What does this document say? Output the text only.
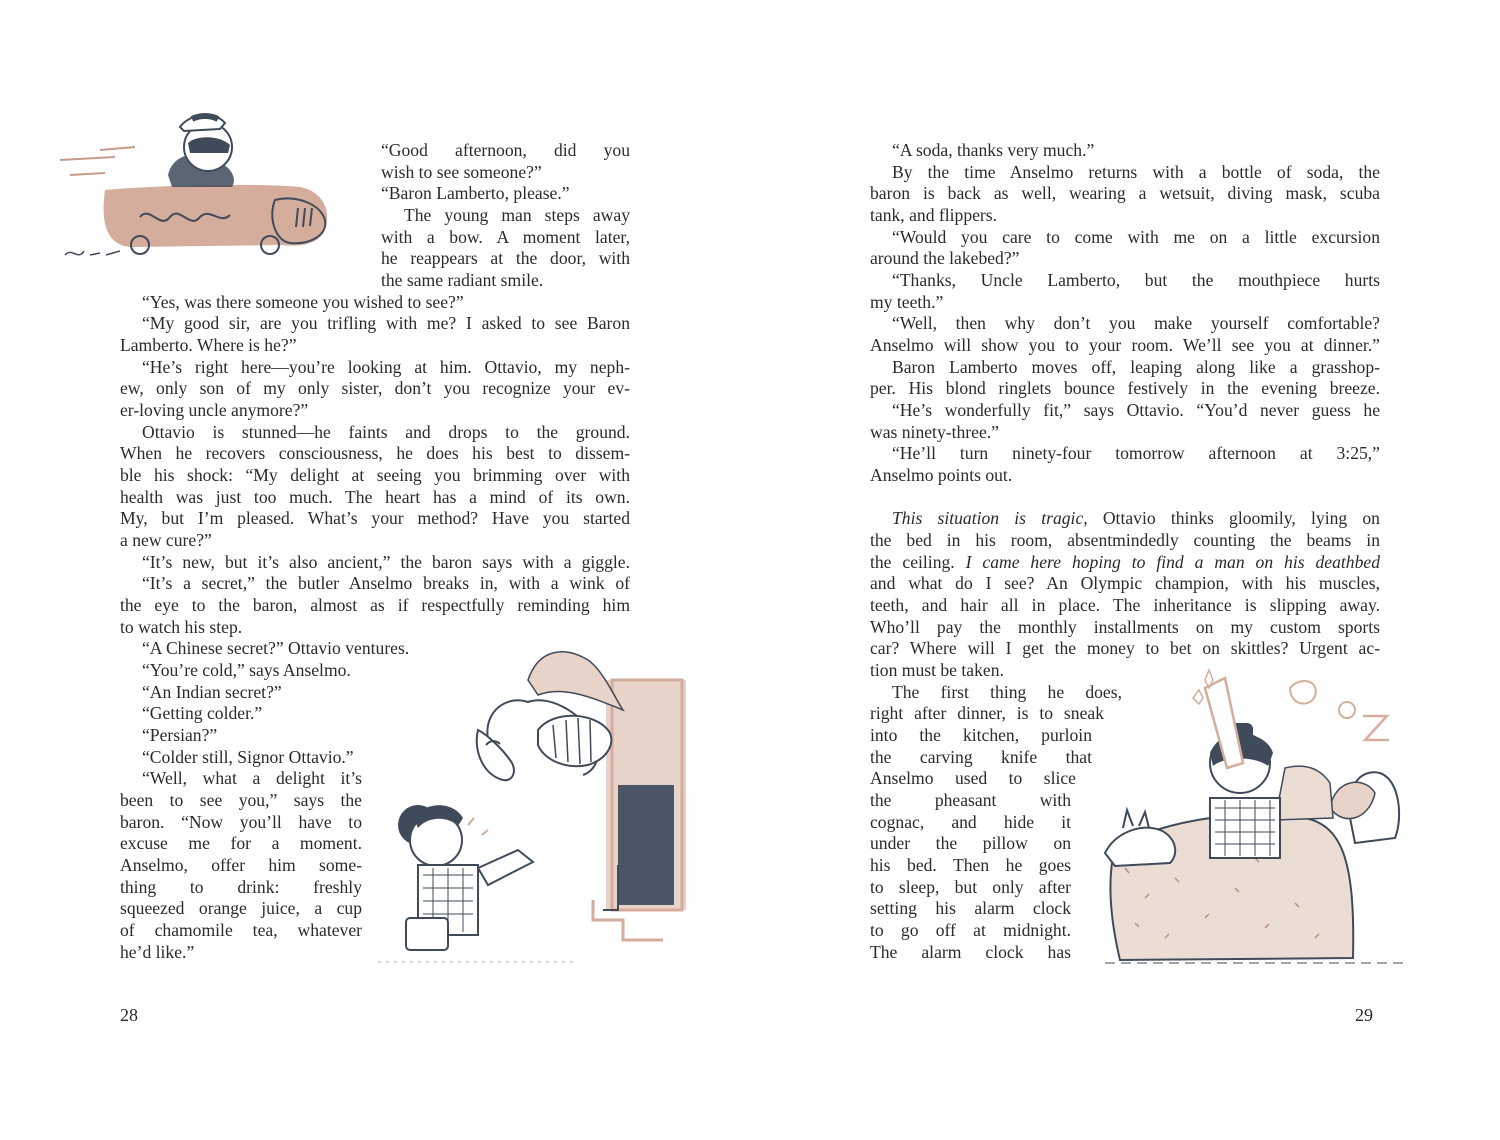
“Good afternoon, did you
wish to see someone?”
“Baron Lamberto, please.”
The young man steps away
with a bow. A moment later,
he reappears at the door, with
the same radiant smile.
“Yes, was there someone you wished to see?”
“My good sir, are you trifling with me? I asked to see Baron
Lamberto. Where is he?”
“He’s right here—you’re looking at him. Ottavio, my neph-
ew, only son of my only sister, don’t you recognize your ev-
er-loving uncle anymore?”
Ottavio is stunned—he faints and drops to the ground.
When he recovers consciousness, he does his best to dissem-
ble his shock: “My delight at seeing you brimming over with
health was just too much. The heart has a mind of its own.
My, but I’m pleased. What’s your method? Have you started
a new cure?”
“It’s new, but it’s also ancient,” the baron says with a giggle.
“It’s a secret,” the butler Anselmo breaks in, with a wink of
the eye to the baron, almost as if respectfully reminding him
to watch his step.
“A Chinese secret?” Ottavio ventures.
“You’re cold,” says Anselmo.
“An Indian secret?”
“Getting colder.”
“Persian?”
“Colder still, Signor Ottavio.”
“Well, what a delight it’s
been to see you,” says the
baron. “Now you’ll have to
excuse me for a moment.
Anselmo, offer him some-
thing to drink: freshly
squeezed orange juice, a cup
of chamomile tea, whatever
he’d like.”
28
“A soda, thanks very much.”
By the time Anselmo returns with a bottle of soda, the
baron is back as well, wearing a wetsuit, diving mask, scuba
tank, and flippers.
“Would you care to come with me on a little excursion
around the lakebed?”
“Thanks, Uncle Lamberto, but the mouthpiece hurts
my teeth.”
“Well, then why don’t you make yourself comfortable?
Anselmo will show you to your room. We’ll see you at dinner.”
Baron Lamberto moves off, leaping along like a grasshop-
per. His blond ringlets bounce festively in the evening breeze.
“He’s wonderfully fit,” says Ottavio. “You’d never guess he
was ninety-three.”
“He’ll turn ninety-four tomorrow afternoon at 3:25,”
Anselmo points out.
This situation is tragic, Ottavio thinks gloomily, lying on
the bed in his room, absentmindedly counting the beams in
the ceiling. I came here hoping to find a man on his deathbed
and what do I see? An Olympic champion, with his muscles,
teeth, and hair all in place. The inheritance is slipping away.
Who’ll pay the monthly installments on my custom sports
car? Where will I get the money to bet on skittles? Urgent ac-
tion must be taken.
The first thing he does,
right after dinner, is to sneak
into the kitchen, purloin
the carving knife that
Anselmo used to slice
the pheasant with
cognac, and hide it
under the pillow on
his bed. Then he goes
to sleep, but only after
setting his alarm clock
to go off at midnight.
The alarm clock has
29
